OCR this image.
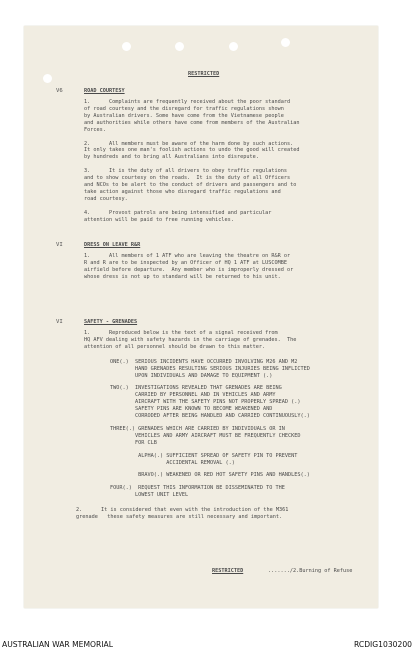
RESTRICTED
V6	ROAD COURTESY
1.      Complaints are frequently received about the poor standard
of road courtesy and the disregard for traffic regulations shown
by Australian drivers. Some have come from the Vietnamese people
and authorities while others have come from members of the Australian
Forces.
2.      All members must be aware of the harm done by such actions.
It only takes one man's foolish actions to undo the good will created
by hundreds and to bring all Australians into disrepute.
3.      It is the duty of all drivers to obey traffic regulations
and to show courtesy on the roads.  It is the duty of all Officers
and NCOs to be alert to the conduct of drivers and passengers and to
take action against those who disregard traffic regulations and
road courtesy.
4.      Provost patrols are being intensified and particular
attention will be paid to free running vehicles.
VI	DRESS ON LEAVE R&R
1.      All members of 1 ATF who are leaving the theatre on R&R or
R and R are to be inspected by an Officer of HQ 1 ATF at LUSCOMBE
airfield before departure.  Any member who is improperly dressed or
whose dress is not up to standard will be returned to his unit.
VI	SAFETY - GRENADES
1.      Reproduced below is the text of a signal received from
HQ AFV dealing with safety hazards in the carriage of grenades.  The
attention of all personnel should be drawn to this matter.
ONE(.)  SERIOUS INCIDENTS HAVE OCCURRED INVOLVING M26 AND M2
HAND GRENADES RESULTING SERIOUS INJURIES BEING INFLICTED
UPON INDIVIDUALS AND DAMAGE TO EQUIPMENT (.)
TWO(.)  INVESTIGATIONS REVEALED THAT GRENADES ARE BEING
CARRIED BY PERSONNEL AND IN VEHICLES AND ARMY
AIRCRAFT WITH THE SAFETY PINS NOT PROPERLY SPREAD (.)
SAFETY PINS ARE KNOWN TO BECOME WEAKENED AND
CORRODED AFTER BEING HANDLED AND CARRIED CONTINUOUSLY(.)
THREE(.) GRENADES WHICH ARE CARRIED BY INDIVIDUALS OR IN
VEHICLES AND ARMY AIRCRAFT MUST BE FREQUENTLY CHECKED
FOR CLB
ALPHA(.) SUFFICIENT SPREAD OF SAFETY PIN TO PREVENT
ACCIDENTAL REMOVAL (.)
BRAVO(.) WEAKENED OR RED HOT SAFETY PINS AND HANDLES(.)
FOUR(.)  REQUEST THIS INFORMATION BE DISSEMINATED TO THE
LOWEST UNIT LEVEL
2.      It is considered that even with the introduction of the M361
grenade   these safety measures are still necessary and important.
RESTRICTED	......./2.Burning of Refuse
AUSTRALIAN WAR MEMORIAL	RCDIG1030200
